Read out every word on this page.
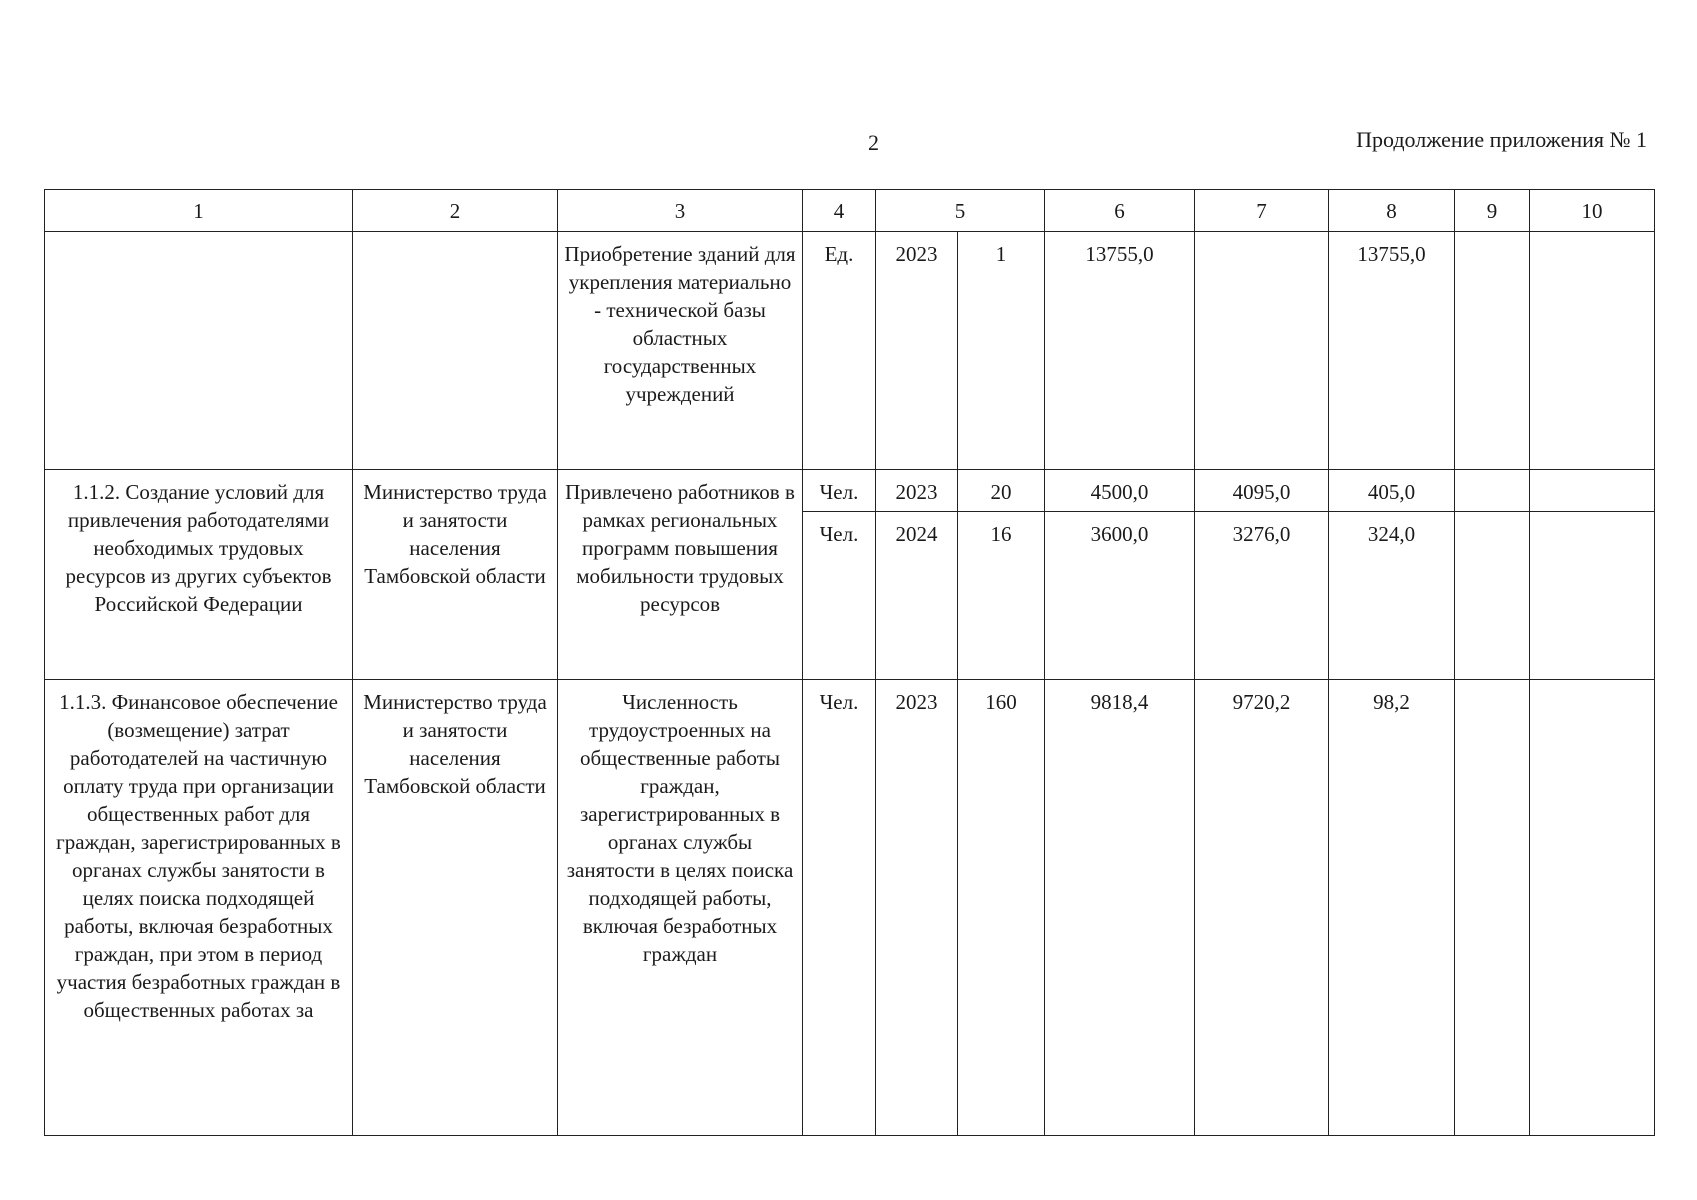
2	Продолжение приложения № 1
1	2	3	4	5		6	7	8	9	10
		Приобретение зданий для укрепления материально - технической базы областных государственных учреждений	Ед.	2023	1	13755,0		13755,0		
1.1.2. Создание условий для привлечения работодателями необходимых трудовых ресурсов из других субъектов Российской Федерации	Министерство труда и занятости населения Тамбовской области	Привлечено работников в рамках региональных программ повышения мобильности трудовых ресурсов	Чел.	2023	20	4500,0	4095,0	405,0		
			Чел.	2024	16	3600,0	3276,0	324,0		
1.1.3. Финансовое обеспечение (возмещение) затрат работодателей на частичную оплату труда при организации общественных работ для граждан, зарегистрированных в органах службы занятости в целях поиска подходящей работы, включая безработных граждан, при этом в период участия безработных граждан в общественных работах за	Министерство труда и занятости населения Тамбовской области	Численность трудоустроенных на общественные работы граждан, зарегистрированных в органах службы занятости в целях поиска подходящей работы, включая безработных граждан	Чел.	2023	160	9818,4	9720,2	98,2		
